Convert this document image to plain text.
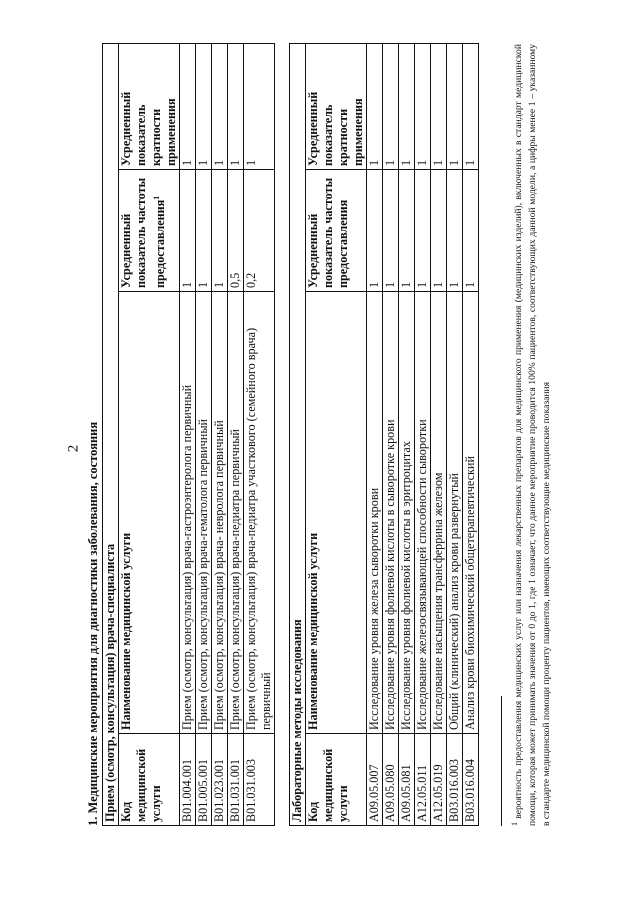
2 1. Медицинские мероприятия для диагностики заболевания, состояния Прием (осмотр, консультация) врача-специалиста			
Код медицинской услуги	Наименование медицинской услуги	Усредненный показатель частоты предоставления$^1$	Усредненный показатель кратности применения
B01.004.001	Прием (осмотр, консультация) врача-гастроэнтеролога первичный	1	1
B01.005.001	Прием (осмотр, консультация) врача-гематолога первичный	1	1
B01.023.001	Прием (осмотр, консультация) врача- невролога первичный	1	1
B01.031.001	Прием (осмотр, консультация) врача-педиатра первичный	0,5	1
B01.031.003	Прием (осмотр, консультация) врача-педиатра участкового (семейного врача) первичный	0,2	1
Лабораторные методы исследования			
Код медицинской услуги	Наименование медицинской услуги	Усредненный показатель частоты предоставления	Усредненный показатель кратности применения
A09.05.007	Исследование уровня железа сыворотки крови	1	1
A09.05.080	Исследование уровня фолиевой кислоты в сыворотке крови	1	1
A09.05.081	Исследование уровня фолиевой кислоты в эритроцитах	1	1
A12.05.011	Исследование железосвязывающей способности сыворотки	1	1
A12.05.019	Исследование насыщения трансферрина железом	1	1
B03.016.003	Общий (клинический) анализ крови развернутый	1	1
B03.016.004	Анализ крови биохимический общетерапевтический	1	1
$^1$ вероятность предоставления медицинских услуг или назначения лекарственных препаратов для медицинского применения (медицинских изделий), включенных в стандарт медицинской помощи, которая может принимать значения от 0 до 1, где 1 означает, что данное мероприятие проводится 100% пациентов, соответствующих данной модели, а цифры менее 1 – указанному в стандарте медицинской помощи проценту пациентов, имеющих соответствующие медицинские показания
